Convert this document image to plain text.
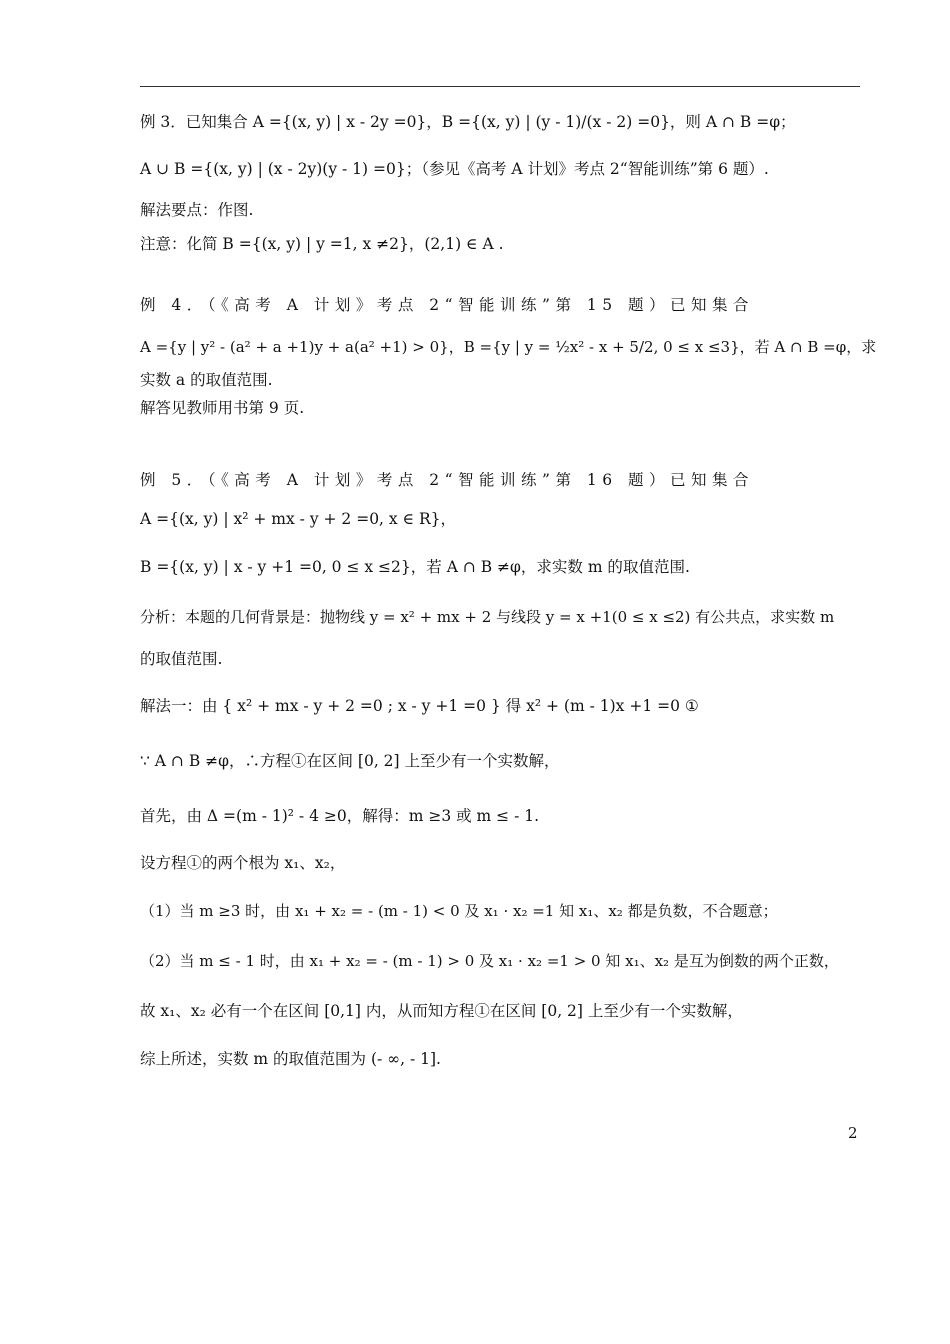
例 3．已知集合 A ={(x, y) | x - 2y =0}，B ={(x, y) | (y - 1)/(x - 2) =0}，则 A ∩ B =φ；
A ∪ B ={(x, y) | (x - 2y)(y - 1) =0}；（参见《高考 A 计划》考点 2“智能训练”第 6 题）.
解法要点：作图.
注意：化简 B ={(x, y) | y =1, x ≠2}，(2,1) ∈ A .
例 4．（《高考 A 计划》考点 2“智能训练”第 15 题）已知集合
A ={y | y² - (a² + a +1)y + a(a² +1) > 0}，B ={y | y = ½x² - x + 5/2, 0 ≤ x ≤3}，若 A ∩ B =φ，求
实数 a 的取值范围.
解答见教师用书第 9 页.
例 5．（《高考 A 计划》考点 2“智能训练”第 16 题）已知集合
A ={(x, y) | x² + mx - y + 2 =0, x ∈ R}，
B ={(x, y) | x - y +1 =0, 0 ≤ x ≤2}，若 A ∩ B ≠φ，求实数 m 的取值范围.
分析：本题的几何背景是：抛物线 y = x² + mx + 2 与线段 y = x +1(0 ≤ x ≤2) 有公共点，求实数 m
的取值范围.
解法一：由 { x² + mx - y + 2 =0 ; x - y +1 =0 } 得 x² + (m - 1)x +1 =0 ①
∵ A ∩ B ≠φ，∴方程①在区间 [0, 2] 上至少有一个实数解，
首先，由 Δ =(m - 1)² - 4 ≥0，解得：m ≥3 或 m ≤ - 1.
设方程①的两个根为 x₁、x₂，
（1）当 m ≥3 时，由 x₁ + x₂ = - (m - 1) < 0 及 x₁ · x₂ =1 知 x₁、x₂ 都是负数，不合题意；
（2）当 m ≤ - 1 时，由 x₁ + x₂ = - (m - 1) > 0 及 x₁ · x₂ =1 > 0 知 x₁、x₂ 是互为倒数的两个正数，
故 x₁、x₂ 必有一个在区间 [0,1] 内，从而知方程①在区间 [0, 2] 上至少有一个实数解，
综上所述，实数 m 的取值范围为 (- ∞, - 1].
2
